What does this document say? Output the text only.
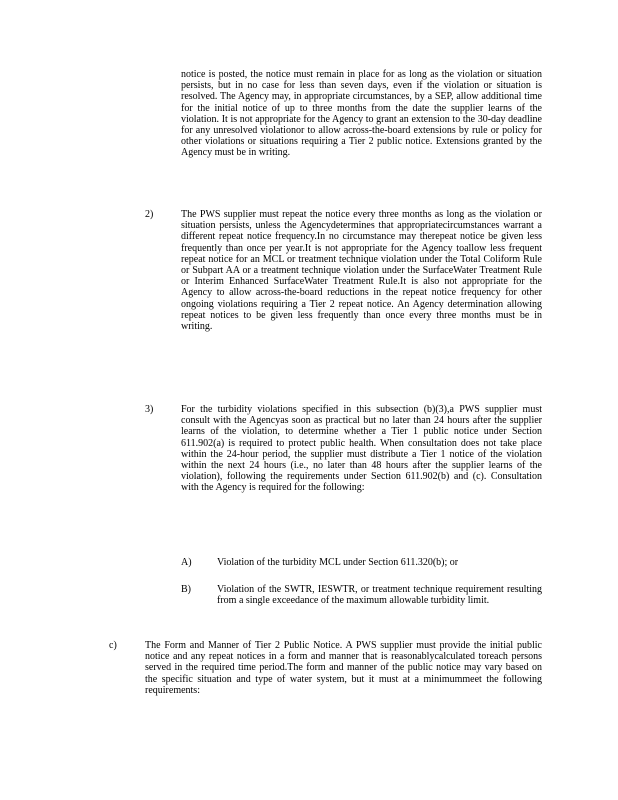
notice is posted, the notice must remain in place for as long as the violation or situation persists, but in no case for less than seven days, even if the violation or situation is resolved. The Agency may, in appropriate circumstances, by a SEP, allow additional time for the initial notice of up to three months from the date the supplier learns of the violation. It is not appropriate for the Agency to grant an extension to the 30-day deadline for any unresolved violationor to allow across-the-board extensions by rule or policy for other violations or situations requiring a Tier 2 public notice. Extensions granted by the Agency must be in writing.

2)	The PWS supplier must repeat the notice every three months as long as the violation or situation persists, unless the Agencydetermines that appropriatecircumstances warrant a different repeat notice frequency.In no circumstance may therepeat notice be given less frequently than once per year.It is not appropriate for the Agency toallow less frequent repeat notice for an MCL or treatment technique violation under the Total Coliform Rule or Subpart AA or a treatment technique violation under the SurfaceWater Treatment Rule or Interim Enhanced SurfaceWater Treatment Rule.It is also not appropriate for the Agency to allow across-the-board reductions in the repeat notice frequency for other ongoing violations requiring a Tier 2 repeat notice. An Agency determination allowing repeat notices to be given less frequently than once every three months must be in writing.

3)	For the turbidity violations specified in this subsection (b)(3),a PWS supplier must consult with the Agencyas soon as practical but no later than 24 hours after the supplier learns of the violation, to determine whether a Tier 1 public notice under Section 611.902(a) is required to protect public health. When consultation does not take place within the 24-hour period, the supplier must distribute a Tier 1 notice of the violation within the next 24 hours (i.e., no later than 48 hours after the supplier learns of the violation), following the requirements under Section 611.902(b) and (c). Consultation with the Agency is required for the following:

A)	Violation of the turbidity MCL under Section 611.320(b); or

B)	Violation of the SWTR, IESWTR, or treatment technique requirement resulting from a single exceedance of the maximum allowable turbidity limit.

c)	The Form and Manner of Tier 2 Public Notice. A PWS supplier must provide the initial public notice and any repeat notices in a form and manner that is reasonablycalculated toreach persons served in the required time period.The form and manner of the public notice may vary based on the specific situation and type of water system, but it must at a minimummeet the following requirements:
